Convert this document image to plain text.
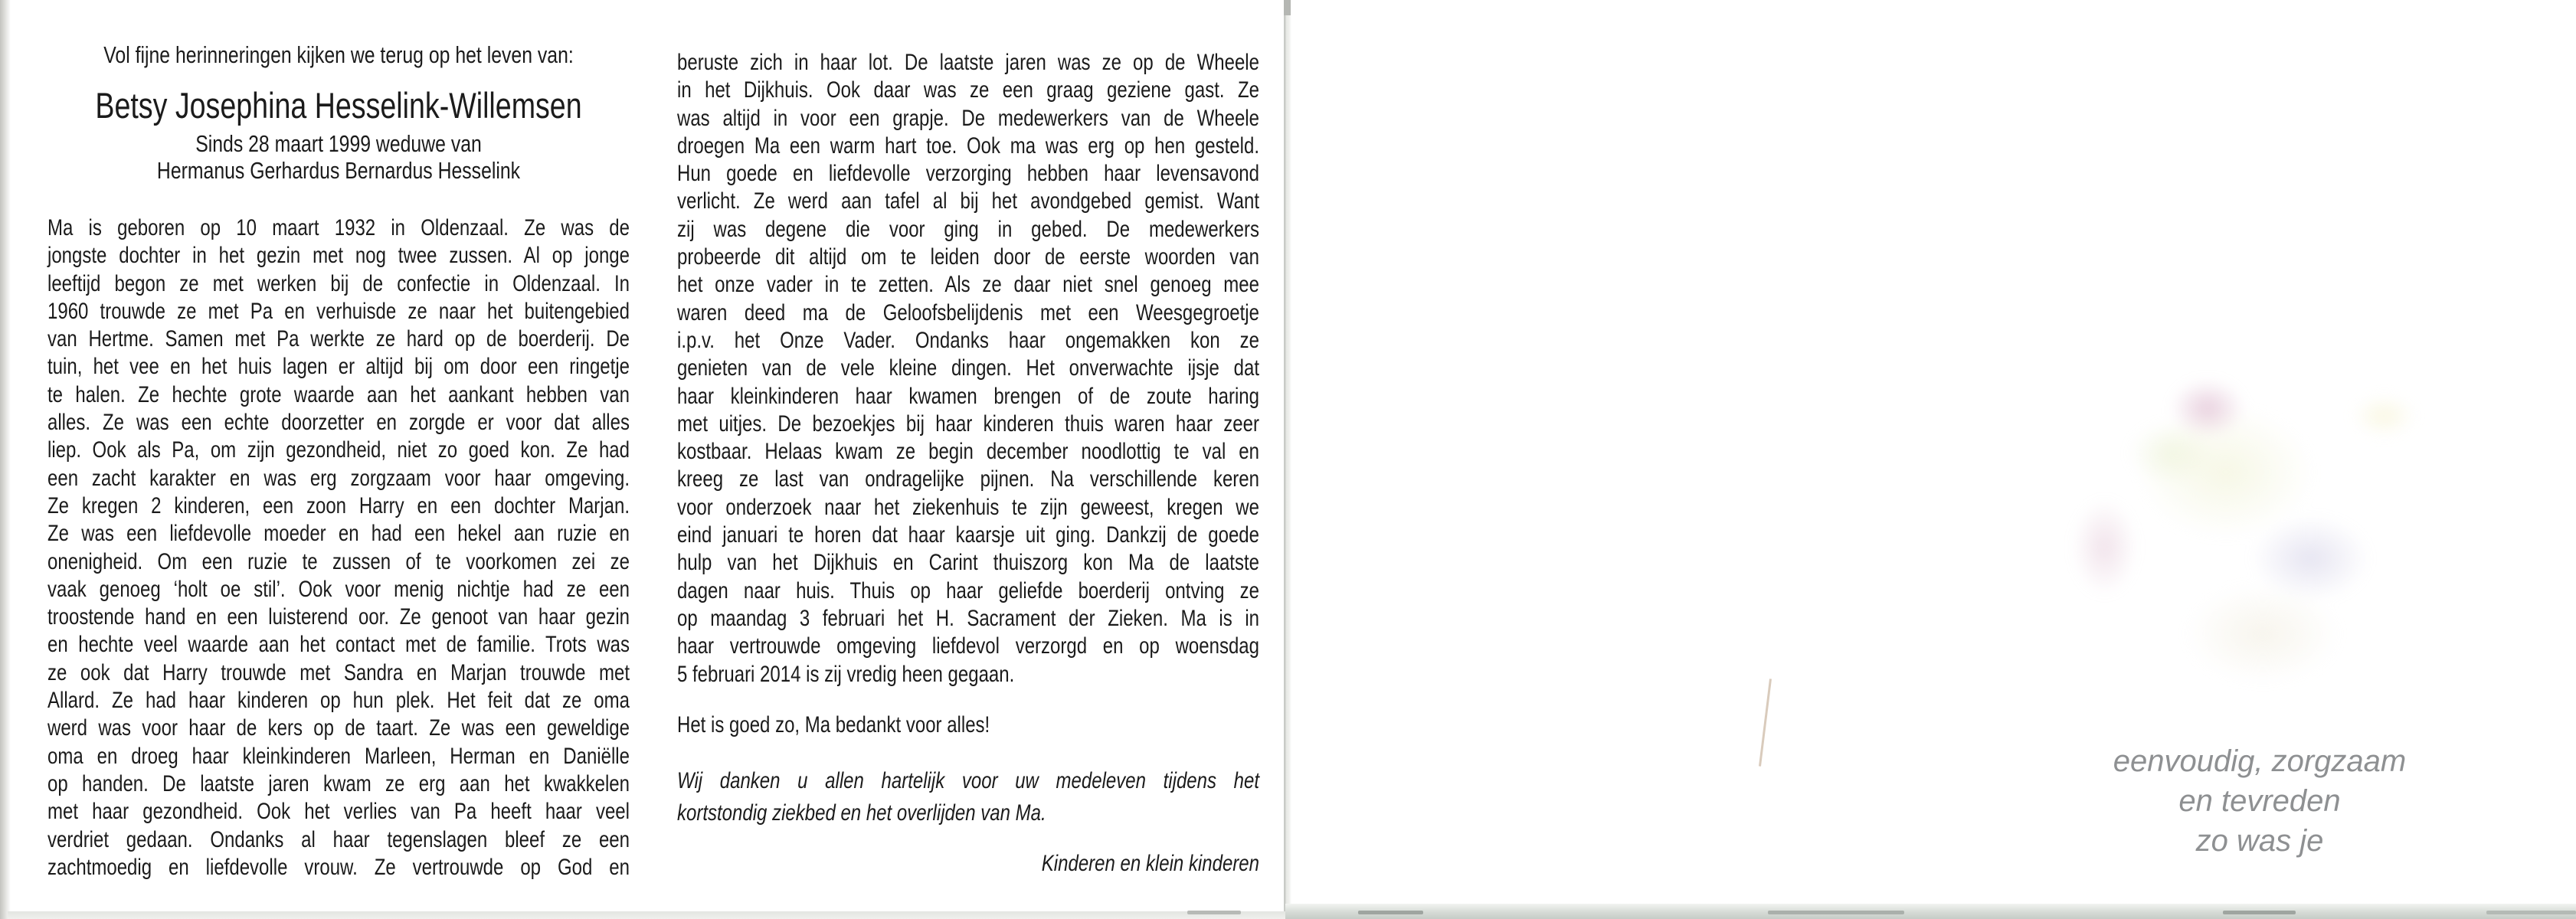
Vol fijne herinneringen kijken we terug op het leven van:
Betsy Josephina Hesselink-Willemsen
Sinds 28 maart 1999 weduwe van
Hermanus Gerhardus Bernardus Hesselink
Ma is geboren op 10 maart 1932 in Oldenzaal. Ze was de
jongste dochter in het gezin met nog twee zussen. Al op jonge
leeftijd begon ze met werken bij de confectie in Oldenzaal. In
1960 trouwde ze met Pa en verhuisde ze naar het buitengebied
van Hertme. Samen met Pa werkte ze hard op de boerderij. De
tuin, het vee en het huis lagen er altijd bij om door een ringetje
te halen. Ze hechte grote waarde aan het aankant hebben van
alles. Ze was een echte doorzetter en zorgde er voor dat alles
liep. Ook als Pa, om zijn gezondheid, niet zo goed kon. Ze had
een zacht karakter en was erg zorgzaam voor haar omgeving.
Ze kregen 2 kinderen, een zoon Harry en een dochter Marjan.
Ze was een liefdevolle moeder en had een hekel aan ruzie en
onenigheid. Om een ruzie te zussen of te voorkomen zei ze
vaak genoeg ‘holt oe stil’. Ook voor menig nichtje had ze een
troostende hand en een luisterend oor. Ze genoot van haar gezin
en hechte veel waarde aan het contact met de familie. Trots was
ze ook dat Harry trouwde met Sandra en Marjan trouwde met
Allard. Ze had haar kinderen op hun plek. Het feit dat ze oma
werd was voor haar de kers op de taart. Ze was een geweldige
oma en droeg haar kleinkinderen Marleen, Herman en Daniëlle
op handen. De laatste jaren kwam ze erg aan het kwakkelen
met haar gezondheid. Ook het verlies van Pa heeft haar veel
verdriet gedaan. Ondanks al haar tegenslagen bleef ze een
zachtmoedig en liefdevolle vrouw. Ze vertrouwde op God en
beruste zich in haar lot. De laatste jaren was ze op de Wheele
in het Dijkhuis. Ook daar was ze een graag geziene gast. Ze
was altijd in voor een grapje. De medewerkers van de Wheele
droegen Ma een warm hart toe. Ook ma was erg op hen gesteld.
Hun goede en liefdevolle verzorging hebben haar levensavond
verlicht. Ze werd aan tafel al bij het avondgebed gemist. Want
zij was degene die voor ging in gebed. De medewerkers
probeerde dit altijd om te leiden door de eerste woorden van
het onze vader in te zetten. Als ze daar niet snel genoeg mee
waren deed ma de Geloofsbelijdenis met een Weesgegroetje
i.p.v. het Onze Vader. Ondanks haar ongemakken kon ze
genieten van de vele kleine dingen. Het onverwachte ijsje dat
haar kleinkinderen haar kwamen brengen of de zoute haring
met uitjes. De bezoekjes bij haar kinderen thuis waren haar zeer
kostbaar. Helaas kwam ze begin december noodlottig te val en
kreeg ze last van ondragelijke pijnen. Na verschillende keren
voor onderzoek naar het ziekenhuis te zijn geweest, kregen we
eind januari te horen dat haar kaarsje uit ging. Dankzij de goede
hulp van het Dijkhuis en Carint thuiszorg kon Ma de laatste
dagen naar huis. Thuis op haar geliefde boerderij ontving ze
op maandag 3 februari het H. Sacrament der Zieken. Ma is in
haar vertrouwde omgeving liefdevol verzorgd en op woensdag
5 februari 2014 is zij vredig heen gegaan.
Het is goed zo, Ma bedankt voor alles!
Wij danken u allen hartelijk voor uw medeleven tijdens het
kortstondig ziekbed en het overlijden van Ma.
Kinderen en klein kinderen
eenvoudig, zorgzaam
en tevreden
zo was je
